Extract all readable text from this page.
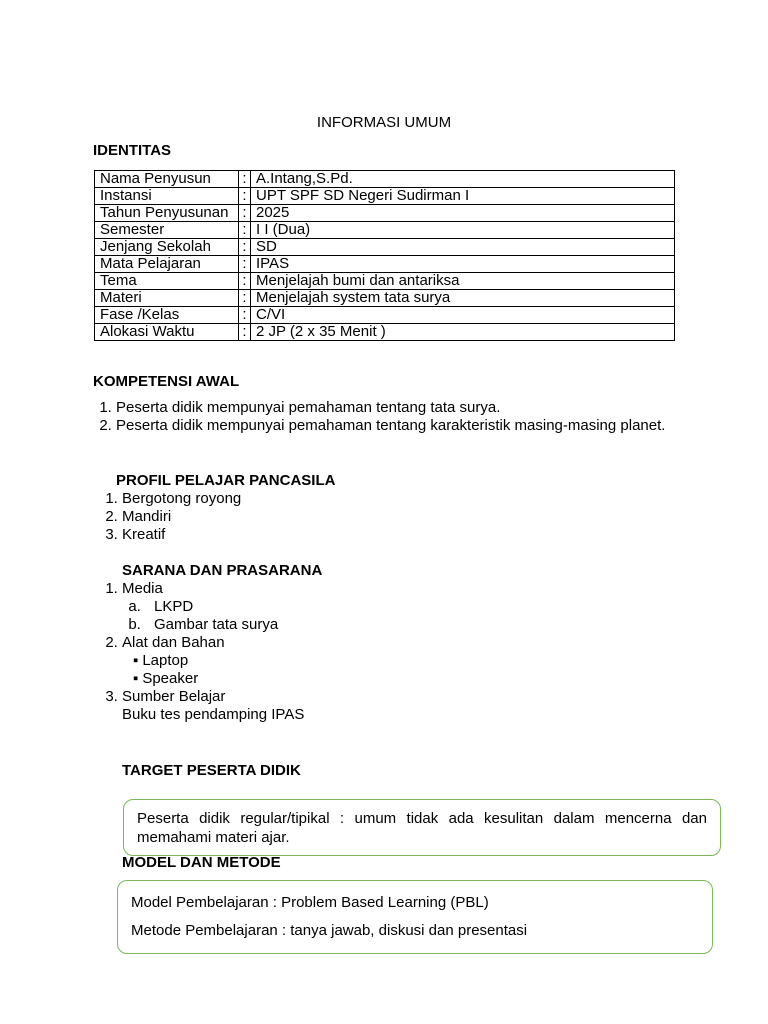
INFORMASI UMUM
IDENTITAS
Nama Penyusun	:	A.Intang,S.Pd.
Instansi	:	UPT SPF SD Negeri Sudirman I
Tahun Penyusunan	:	2025
Semester	:	I I (Dua)
Jenjang Sekolah	:	SD
Mata Pelajaran	:	IPAS
Tema	:	Menjelajah bumi dan antariksa
Materi	:	Menjelajah system tata surya
Fase /Kelas	:	C/VI
Alokasi Waktu	:	2 JP (2 x 35 Menit )
KOMPETENSI AWAL
1. Peserta didik mempunyai pemahaman tentang tata surya.
2. Peserta didik mempunyai pemahaman tentang karakteristik masing-masing planet.
PROFIL PELAJAR PANCASILA
1. Bergotong royong
2. Mandiri
3. Kreatif
SARANA DAN PRASARANA
1. Media
a. LKPD
b. Gambar tata surya
2. Alat dan Bahan
▪ Laptop
▪ Speaker
3. Sumber Belajar
Buku tes pendamping IPAS
TARGET PESERTA DIDIK

Peserta didik regular/tipikal : umum tidak ada kesulitan dalam mencerna dan memahami materi ajar.

MODEL DAN METODE

Model Pembelajaran : Problem Based Learning (PBL)

Metode Pembelajaran : tanya jawab, diskusi dan presentasi
